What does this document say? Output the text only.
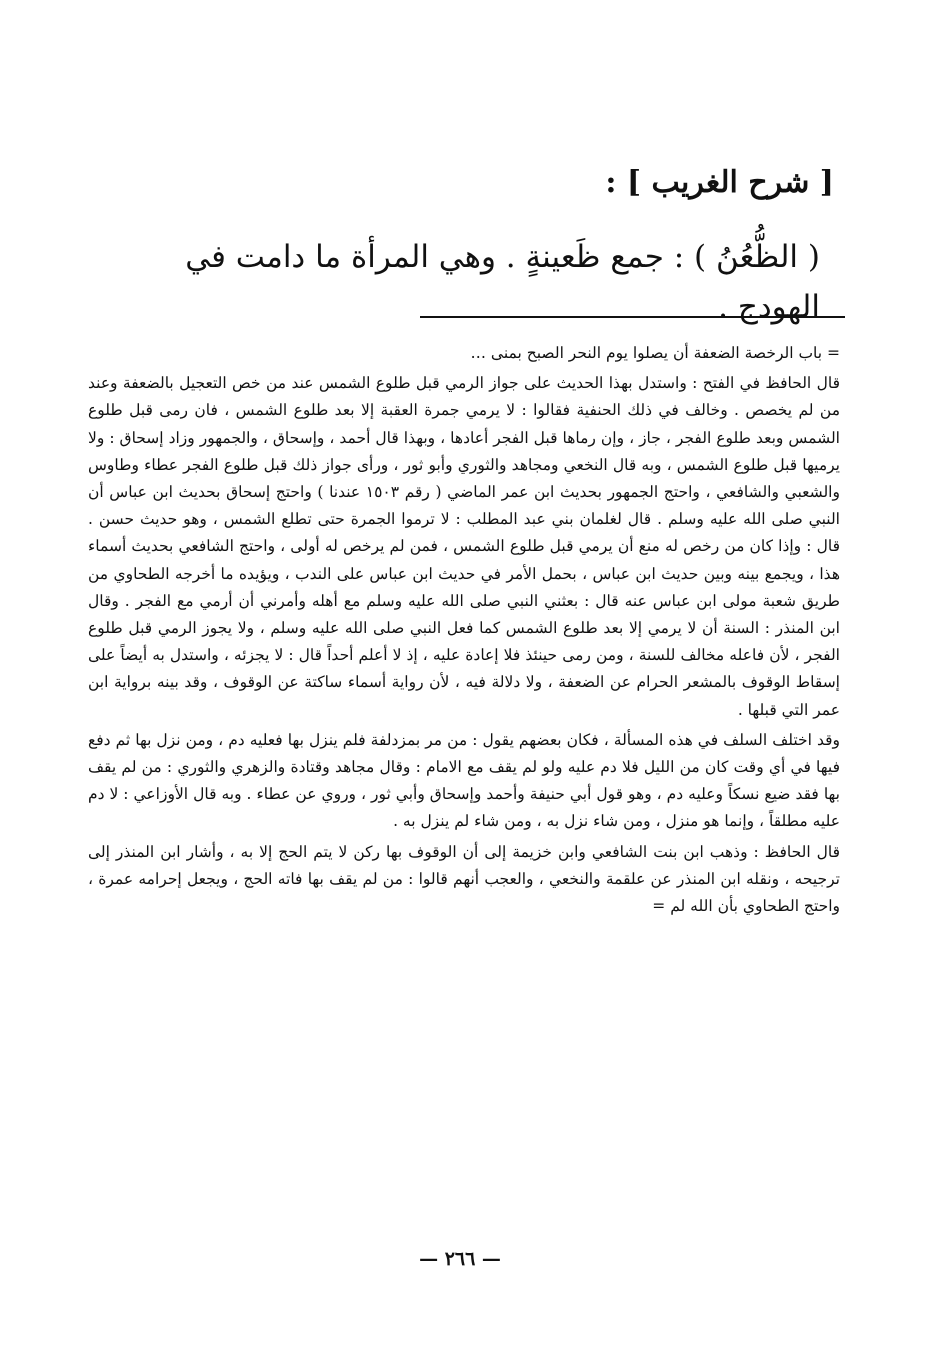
[ شرح الغريب ] :
( الظُّعُنُ ) : جمع ظَعينةٍ . وهي المرأة ما دامت في الهودج .

= باب الرخصة الضعفة أن يصلوا يوم النحر الصبح بمنى …

قال الحافظ في الفتح : واستدل بهذا الحديث على جواز الرمي قبل طلوع الشمس عند من خص التعجيل بالضعفة وعند من لم يخصص . وخالف في ذلك الحنفية فقالوا : لا يرمي جمرة العقبة إلا بعد طلوع الشمس ، فان رمى قبل طلوع الشمس وبعد طلوع الفجر ، جاز ، وإن رماها قبل الفجر أعادها ، وبهذا قال أحمد ، وإسحاق ، والجمهور وزاد إسحاق : ولا يرميها قبل طلوع الشمس ، وبه قال النخعي ومجاهد والثوري وأبو ثور ، ورأى جواز ذلك قبل طلوع الفجر عطاء وطاوس والشعبي والشافعي ، واحتج الجمهور بحديث ابن عمر الماضي ( رقم ١٥٠٣ عندنا ) واحتج إسحاق بحديث ابن عباس أن النبي صلى الله عليه وسلم . قال لغلمان بني عبد المطلب : لا ترموا الجمرة حتى تطلع الشمس ، وهو حديث حسن . قال : وإذا كان من رخص له منع أن يرمي قبل طلوع الشمس ، فمن لم يرخص له أولى ، واحتج الشافعي بحديث أسماء هذا ، ويجمع بينه وبين حديث ابن عباس ، بحمل الأمر في حديث ابن عباس على الندب ، ويؤيده ما أخرجه الطحاوي من طريق شعبة مولى ابن عباس عنه قال : بعثني النبي صلى الله عليه وسلم مع أهله وأمرني أن أرمي مع الفجر . وقال ابن المنذر : السنة أن لا يرمي إلا بعد طلوع الشمس كما فعل النبي صلى الله عليه وسلم ، ولا يجوز الرمي قبل طلوع الفجر ، لأن فاعله مخالف للسنة ، ومن رمى حينئذ فلا إعادة عليه ، إذ لا أعلم أحداً قال : لا يجزئه ، واستدل به أيضاً على إسقاط الوقوف بالمشعر الحرام عن الضعفة ، ولا دلالة فيه ، لأن رواية أسماء ساكتة عن الوقوف ، وقد بينه برواية ابن عمر التي قبلها .

وقد اختلف السلف في هذه المسألة ، فكان بعضهم يقول : من مر بمزدلفة فلم ينزل بها فعليه دم ، ومن نزل بها ثم دفع فيها في أي وقت كان من الليل فلا دم عليه ولو لم يقف مع الامام : وقال مجاهد وقتادة والزهري والثوري : من لم يقف بها فقد ضيع نسكاً وعليه دم ، وهو قول أبي حنيفة وأحمد وإسحاق وأبي ثور ، وروي عن عطاء . وبه قال الأوزاعي : لا دم عليه مطلقاً ، وإنما هو منزل ، ومن شاء نزل به ، ومن شاء لم ينزل به .

قال الحافظ : وذهب ابن بنت الشافعي وابن خزيمة إلى أن الوقوف بها ركن لا يتم الحج إلا به ، وأشار ابن المنذر إلى ترجيحه ، ونقله ابن المنذر عن علقمة والنخعي ، والعجب أنهم قالوا : من لم يقف بها فاته الحج ، ويجعل إحرامه عمرة ، واحتج الطحاوي بأن الله لم =

— ٢٦٦ —
